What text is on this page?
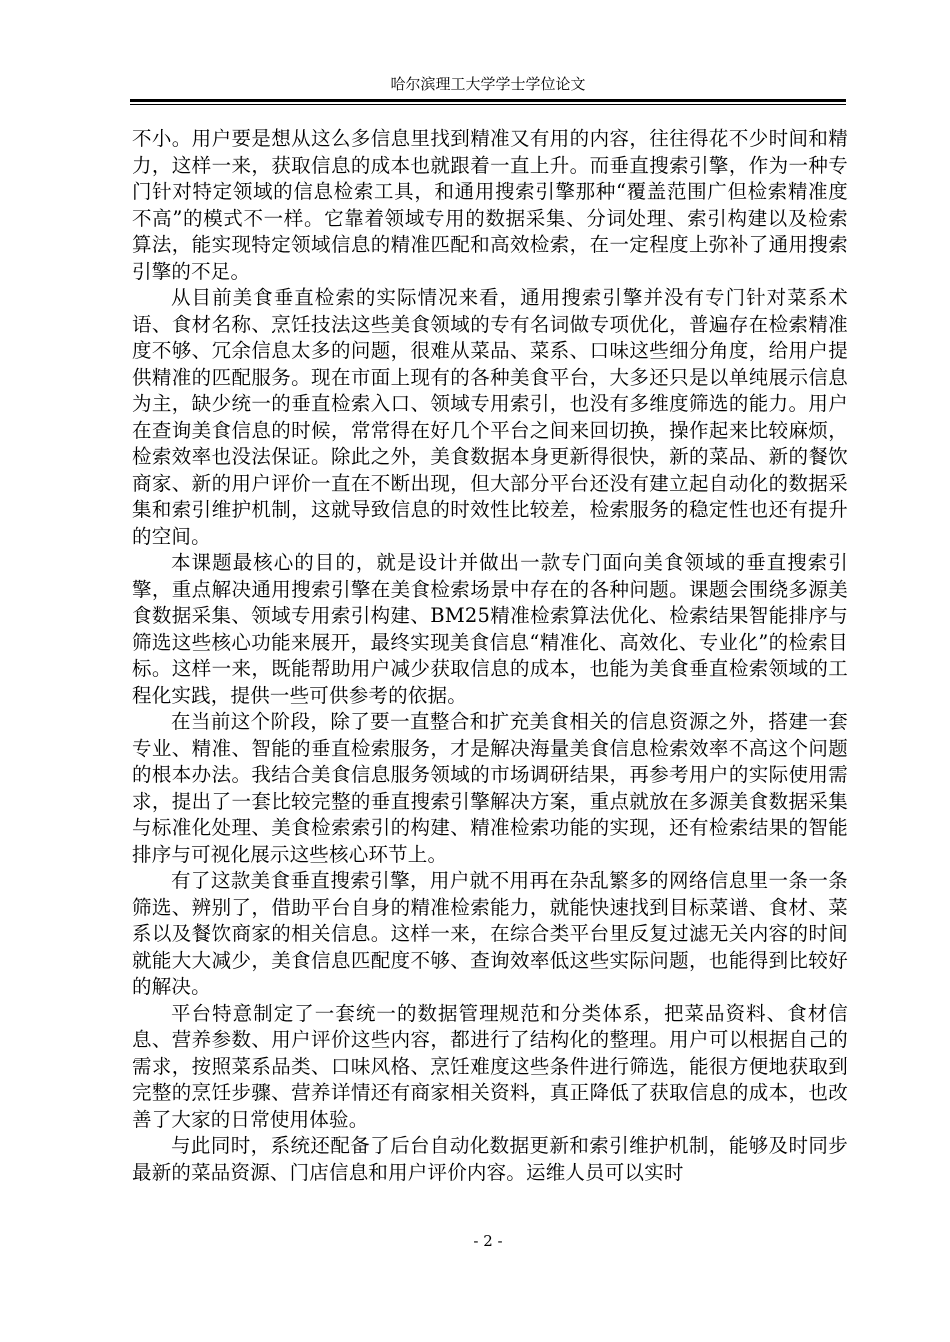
哈尔滨理工大学学士学位论文

不小。用户要是想从这么多信息里找到精准又有用的内容，往往得花不少时间和精力，这样一来，获取信息的成本也就跟着一直上升。而垂直搜索引擎，作为一种专门针对特定领域的信息检索工具，和通用搜索引擎那种“覆盖范围广但检索精准度不高”的模式不一样。它靠着领域专用的数据采集、分词处理、索引构建以及检索算法，能实现特定领域信息的精准匹配和高效检索，在一定程度上弥补了通用搜索引擎的不足。

从目前美食垂直检索的实际情况来看，通用搜索引擎并没有专门针对菜系术语、食材名称、烹饪技法这些美食领域的专有名词做专项优化，普遍存在检索精准度不够、冗余信息太多的问题，很难从菜品、菜系、口味这些细分角度，给用户提供精准的匹配服务。现在市面上现有的各种美食平台，大多还只是以单纯展示信息为主，缺少统一的垂直检索入口、领域专用索引，也没有多维度筛选的能力。用户在查询美食信息的时候，常常得在好几个平台之间来回切换，操作起来比较麻烦，检索效率也没法保证。除此之外，美食数据本身更新得很快，新的菜品、新的餐饮商家、新的用户评价一直在不断出现，但大部分平台还没有建立起自动化的数据采集和索引维护机制，这就导致信息的时效性比较差，检索服务的稳定性也还有提升的空间。

本课题最核心的目的，就是设计并做出一款专门面向美食领域的垂直搜索引擎，重点解决通用搜索引擎在美食检索场景中存在的各种问题。课题会围绕多源美食数据采集、领域专用索引构建、BM25精准检索算法优化、检索结果智能排序与筛选这些核心功能来展开，最终实现美食信息“精准化、高效化、专业化”的检索目标。这样一来，既能帮助用户减少获取信息的成本，也能为美食垂直检索领域的工程化实践，提供一些可供参考的依据。

在当前这个阶段，除了要一直整合和扩充美食相关的信息资源之外，搭建一套专业、精准、智能的垂直检索服务，才是解决海量美食信息检索效率不高这个问题的根本办法。我结合美食信息服务领域的市场调研结果，再参考用户的实际使用需求，提出了一套比较完整的垂直搜索引擎解决方案，重点就放在多源美食数据采集与标准化处理、美食检索索引的构建、精准检索功能的实现，还有检索结果的智能排序与可视化展示这些核心环节上。

有了这款美食垂直搜索引擎，用户就不用再在杂乱繁多的网络信息里一条一条筛选、辨别了，借助平台自身的精准检索能力，就能快速找到目标菜谱、食材、菜系以及餐饮商家的相关信息。这样一来，在综合类平台里反复过滤无关内容的时间就能大大减少，美食信息匹配度不够、查询效率低这些实际问题，也能得到比较好的解决。

平台特意制定了一套统一的数据管理规范和分类体系，把菜品资料、食材信息、营养参数、用户评价这些内容，都进行了结构化的整理。用户可以根据自己的需求，按照菜系品类、口味风格、烹饪难度这些条件进行筛选，能很方便地获取到完整的烹饪步骤、营养详情还有商家相关资料，真正降低了获取信息的成本，也改善了大家的日常使用体验。

与此同时，系统还配备了后台自动化数据更新和索引维护机制，能够及时同步最新的菜品资源、门店信息和用户评价内容。运维人员可以实时

- 2 -
